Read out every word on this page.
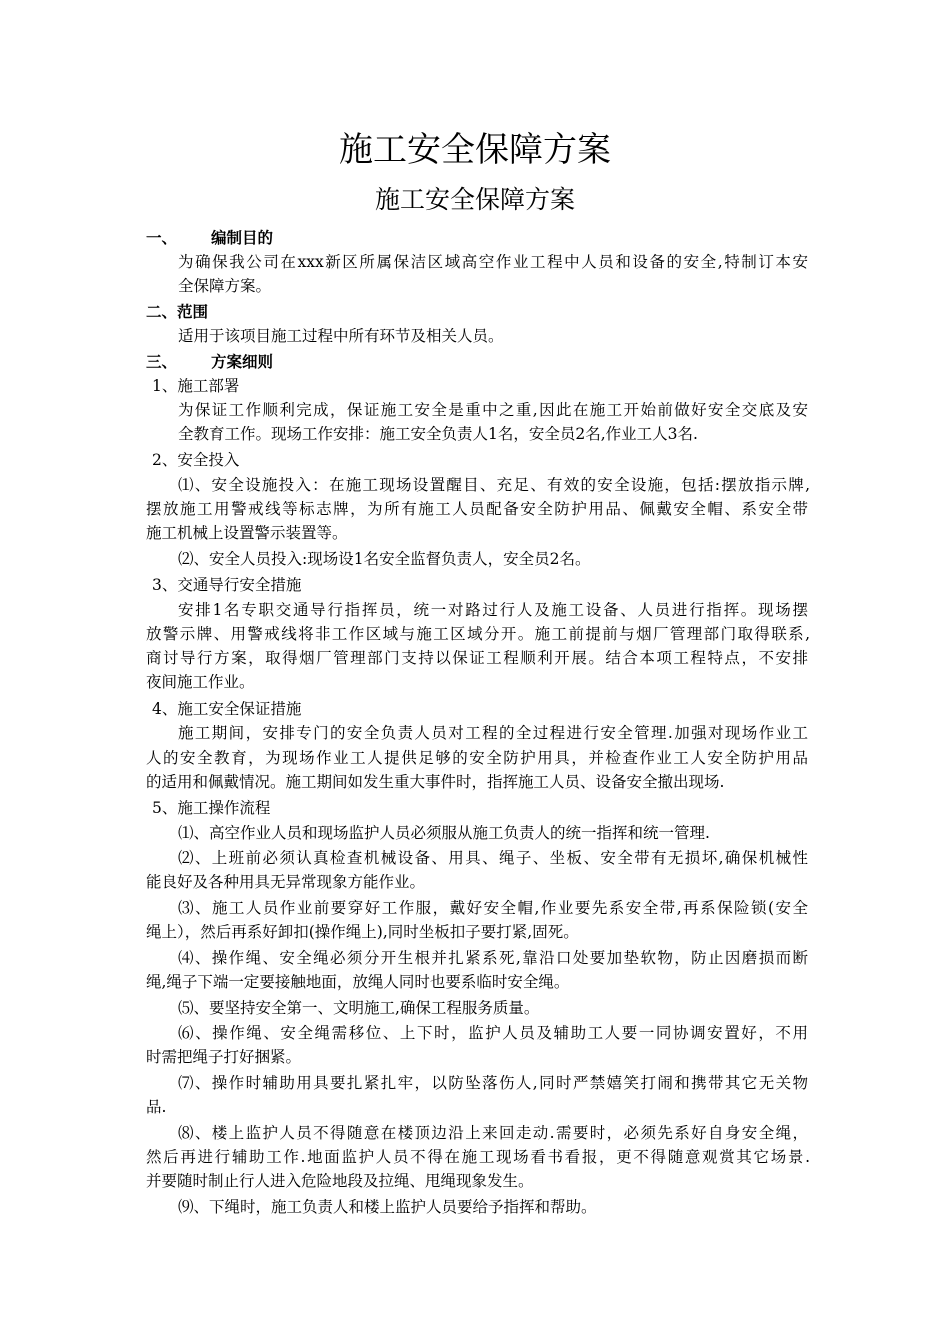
施工安全保障方案
施工安全保障方案
一、 编制目的
为确保我公司在xxx新区所属保洁区域高空作业工程中人员和设备的安全,特制订本安
全保障方案。
二、范围
适用于该项目施工过程中所有环节及相关人员。
三、 方案细则
1、施工部署
为保证工作顺利完成，保证施工安全是重中之重,因此在施工开始前做好安全交底及安
全教育工作。现场工作安排：施工安全负责人1名，安全员2名,作业工人3名.
2、安全投入
⑴、安全设施投入：在施工现场设置醒目、充足、有效的安全设施，包括:摆放指示牌,
摆放施工用警戒线等标志牌，为所有施工人员配备安全防护用品、佩戴安全帽、系安全带
施工机械上设置警示装置等。
⑵、安全人员投入:现场设1名安全监督负责人，安全员2名。
3、交通导行安全措施
安排1名专职交通导行指挥员，统一对路过行人及施工设备、人员进行指挥。现场摆
放警示牌、用警戒线将非工作区域与施工区域分开。施工前提前与烟厂管理部门取得联系,
商讨导行方案，取得烟厂管理部门支持以保证工程顺利开展。结合本项工程特点，不安排
夜间施工作业。
4、施工安全保证措施
施工期间，安排专门的安全负责人员对工程的全过程进行安全管理.加强对现场作业工
人的安全教育，为现场作业工人提供足够的安全防护用具，并检查作业工人安全防护用品
的适用和佩戴情况。施工期间如发生重大事件时，指挥施工人员、设备安全撤出现场.
5、施工操作流程
⑴、高空作业人员和现场监护人员必须服从施工负责人的统一指挥和统一管理.
⑵、上班前必须认真检查机械设备、用具、绳子、坐板、安全带有无损坏,确保机械性
能良好及各种用具无异常现象方能作业。
⑶、施工人员作业前要穿好工作服，戴好安全帽,作业要先系安全带,再系保险锁(安全
绳上），然后再系好卸扣(操作绳上),同时坐板扣子要打紧,固死。
⑷、操作绳、安全绳必须分开生根并扎紧系死,靠沿口处要加垫软物，防止因磨损而断
绳,绳子下端一定要接触地面，放绳人同时也要系临时安全绳。
⑸、要坚持安全第一、文明施工,确保工程服务质量。
⑹、操作绳、安全绳需移位、上下时，监护人员及辅助工人要一同协调安置好，不用
时需把绳子打好捆紧。
⑺、操作时辅助用具要扎紧扎牢，以防坠落伤人,同时严禁嬉笑打闹和携带其它无关物
品.
⑻、楼上监护人员不得随意在楼顶边沿上来回走动.需要时，必须先系好自身安全绳，
然后再进行辅助工作.地面监护人员不得在施工现场看书看报，更不得随意观赏其它场景.
并要随时制止行人进入危险地段及拉绳、甩绳现象发生。
⑼、下绳时，施工负责人和楼上监护人员要给予指挥和帮助。
